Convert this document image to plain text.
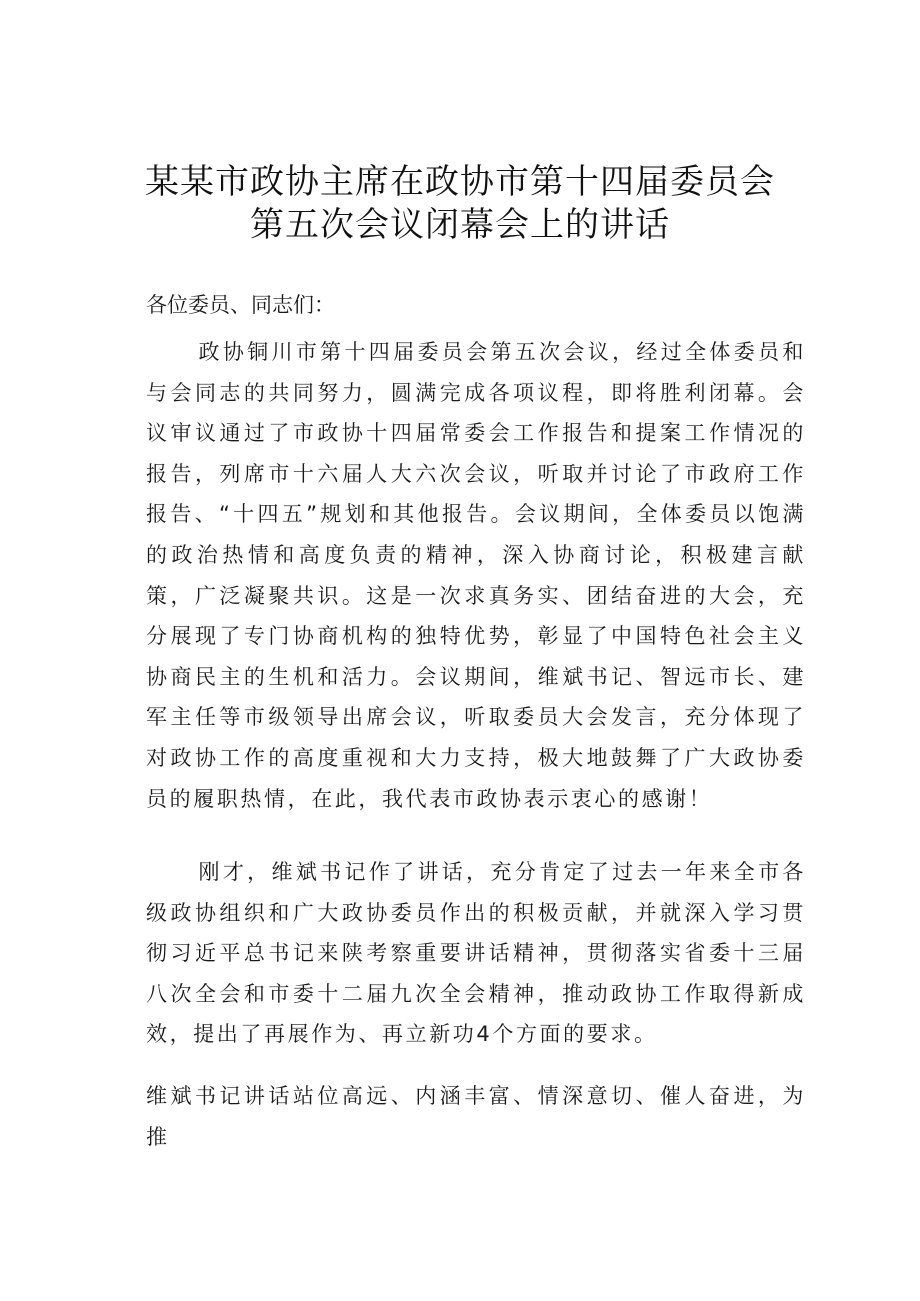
某某市政协主席在政协市第十四届委员会
第五次会议闭幕会上的讲话
各位委员、同志们：
政协铜川市第十四届委员会第五次会议，经过全体委员和与会同志的共同努力，圆满完成各项议程，即将胜利闭幕。会议审议通过了市政协十四届常委会工作报告和提案工作情况的报告，列席市十六届人大六次会议，听取并讨论了市政府工作报告、“十四五”规划和其他报告。会议期间，全体委员以饱满的政治热情和高度负责的精神，深入协商讨论，积极建言献策，广泛凝聚共识。这是一次求真务实、团结奋进的大会，充分展现了专门协商机构的独特优势，彰显了中国特色社会主义协商民主的生机和活力。会议期间，维斌书记、智远市长、建军主任等市级领导出席会议，听取委员大会发言，充分体现了对政协工作的高度重视和大力支持，极大地鼓舞了广大政协委员的履职热情，在此，我代表市政协表示衷心的感谢！
刚才，维斌书记作了讲话，充分肯定了过去一年来全市各级政协组织和广大政协委员作出的积极贡献，并就深入学习贯彻习近平总书记来陕考察重要讲话精神，贯彻落实省委十三届八次全会和市委十二届九次全会精神，推动政协工作取得新成效，提出了再展作为、再立新功4个方面的要求。
维斌书记讲话站位高远、内涵丰富、情深意切、催人奋进，为推
